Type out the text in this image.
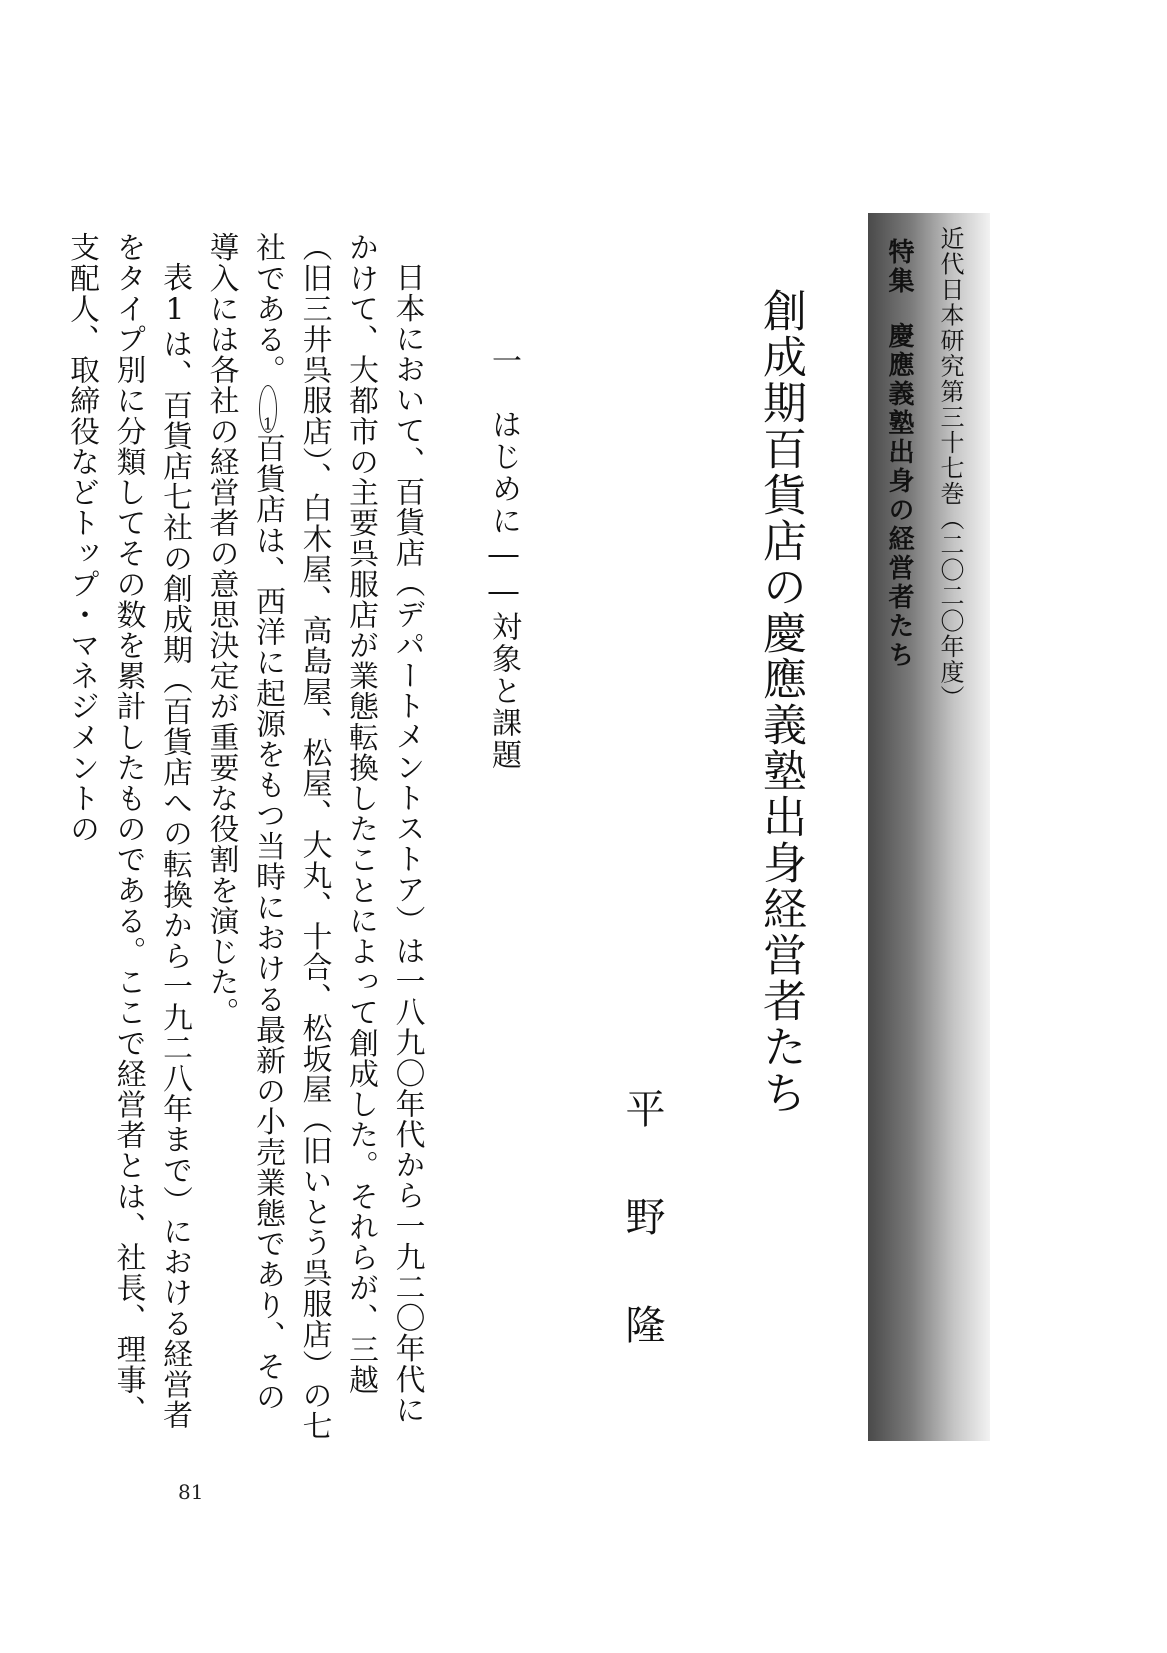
近代日本研究第三十七巻（二〇二〇年度）
特集慶應義塾出身の経営者たち
創成期百貨店の慶應義塾出身経営者たち
平野隆
一　はじめに――対象と課題

日本において、百貨店（デパートメントストア）は一八九〇年代から一九二〇年代にかけて、大都市の主要呉服店が業態転換したことによって創成した。それらが、三越（旧三井呉服店）、白木屋、高島屋、松屋、大丸、十合、松坂屋（旧いとう呉服店）の七社である。1百貨店は、西洋に起源をもつ当時における最新の小売業態であり、その導入には各社の経営者の意思決定が重要な役割を演じた。

表1は、百貨店七社の創成期（百貨店への転換から一九二八年まで）における経営者をタイプ別に分類してその数を累計したものである。ここで経営者とは、社長、理事、支配人、取締役などトップ・マネジメントの

81
